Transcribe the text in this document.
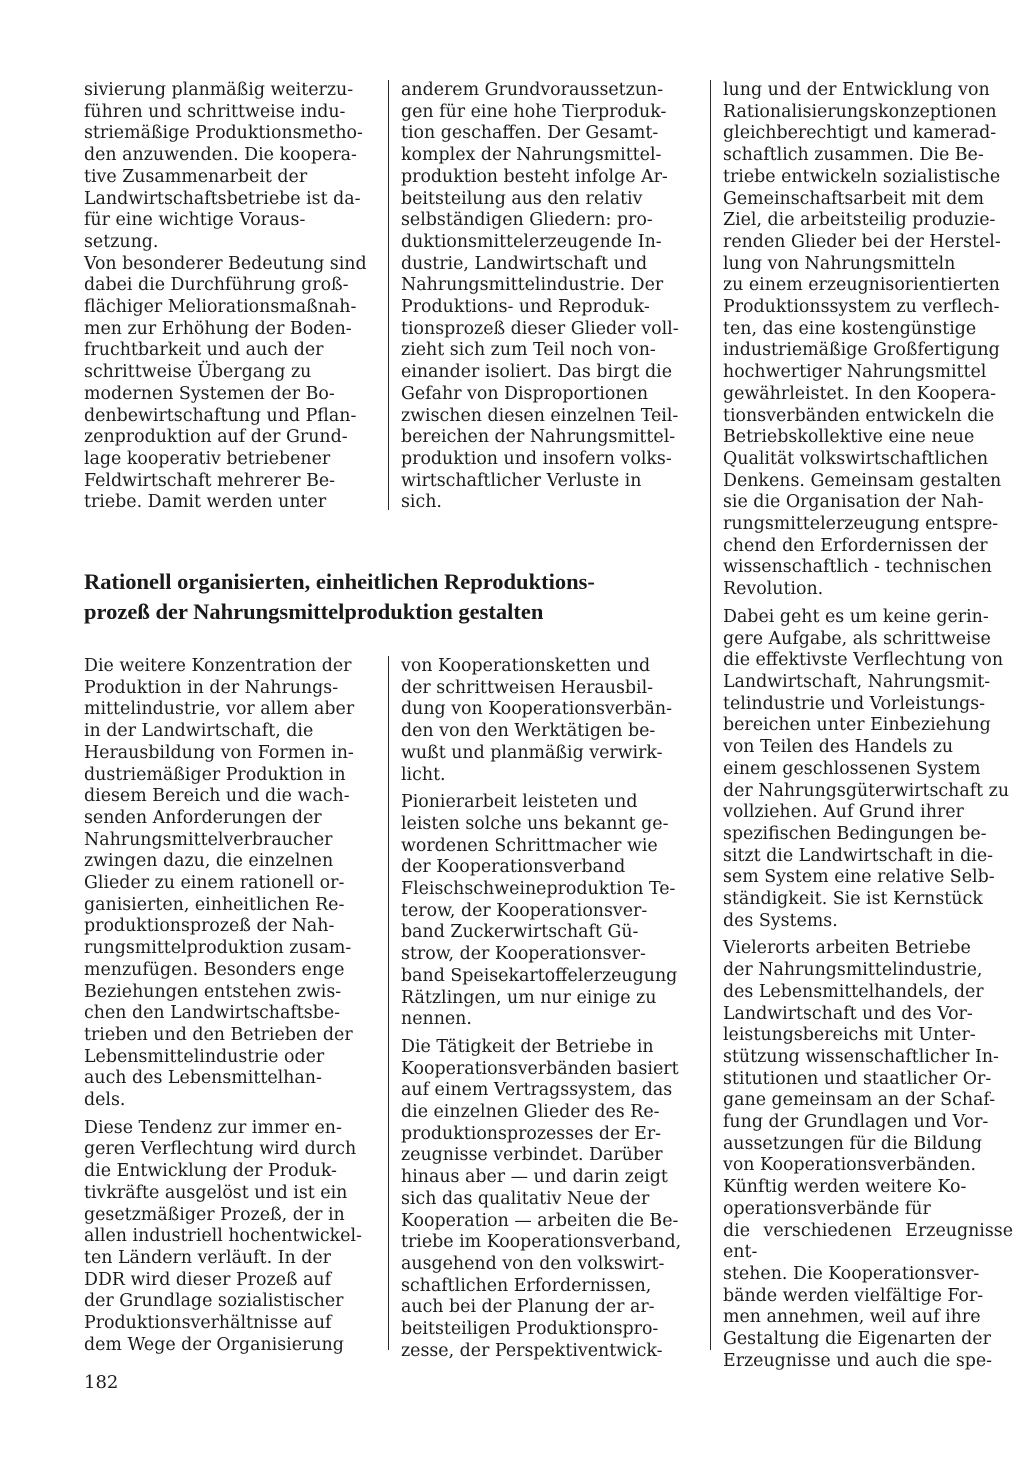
sivierung planmäßig weiterzu-
führen und schrittweise indu-
striemäßige Produktionsmetho-
den anzuwenden. Die koopera-
tive Zusammenarbeit der
Landwirtschaftsbetriebe ist da-
für eine wichtige Voraus-
setzung.
Von besonderer Bedeutung sind
dabei die Durchführung groß-
flächiger Meliorationsmaßnah-
men zur Erhöhung der Boden-
fruchtbarkeit und auch der
schrittweise Übergang zu
modernen Systemen der Bo-
denbewirtschaftung und Pflan-
zenproduktion auf der Grund-
lage kooperativ betriebener
Feldwirtschaft mehrerer Be-
triebe. Damit werden unter

anderem Grundvoraussetzun-
gen für eine hohe Tierproduk-
tion geschaffen. Der Gesamt-
komplex der Nahrungsmittel-
produktion besteht infolge Ar-
beitsteilung aus den relativ
selbständigen Gliedern: pro-
duktionsmittelerzeugende In-
dustrie, Landwirtschaft und
Nahrungsmittelindustrie. Der
Produktions- und Reproduk-
tionsprozeß dieser Glieder voll-
zieht sich zum Teil noch von-
einander isoliert. Das birgt die
Gefahr von Disproportionen
zwischen diesen einzelnen Teil-
bereichen der Nahrungsmittel-
produktion und insofern volks-
wirtschaftlicher Verluste in
sich.

lung und der Entwicklung von
Rationalisierungskonzeptionen
gleichberechtigt und kamerad-
schaftlich zusammen. Die Be-
triebe entwickeln sozialistische
Gemeinschaftsarbeit mit dem
Ziel, die arbeitsteilig produzie-
renden Glieder bei der Herstel-
lung von Nahrungsmitteln
zu einem erzeugnisorientierten
Produktionssystem zu verflech-
ten, das eine kostengünstige
industriemäßige Großfertigung
hochwertiger Nahrungsmittel
gewährleistet. In den Koopera-
tionsverbänden entwickeln die
Betriebskollektive eine neue
Qualität volkswirtschaftlichen
Denkens. Gemeinsam gestalten
sie die Organisation der Nah-
rungsmittelerzeugung entspre-
chend den Erfordernissen der
wissenschaftlich - technischen
Revolution.

Dabei geht es um keine gerin-
gere Aufgabe, als schrittweise
die effektivste Verflechtung von
Landwirtschaft, Nahrungsmit-
telindustrie und Vorleistungs-
bereichen unter Einbeziehung
von Teilen des Handels zu
einem geschlossenen System
der Nahrungsgüterwirtschaft zu
vollziehen. Auf Grund ihrer
spezifischen Bedingungen be-
sitzt die Landwirtschaft in die-
sem System eine relative Selb-
ständigkeit. Sie ist Kernstück
des Systems.

Vielerorts arbeiten Betriebe
der Nahrungsmittelindustrie,
des Lebensmittelhandels, der
Landwirtschaft und des Vor-
leistungsbereichs mit Unter-
stützung wissenschaftlicher In-
stitutionen und staatlicher Or-
gane gemeinsam an der Schaf-
fung der Grundlagen und Vor-
aussetzungen für die Bildung
von Kooperationsverbänden.
Künftig werden weitere Ko-
operationsverbände für
die verschiedenen Erzeugnisse ent-
stehen. Die Kooperationsver-
bände werden vielfältige For-
men annehmen, weil auf ihre
Gestaltung die Eigenarten der
Erzeugnisse und auch die spe-

Rationell organisierten, einheitlichen Reproduktions-
prozeß der Nahrungsmittelproduktion gestalten

Die weitere Konzentration der
Produktion in der Nahrungs-
mittelindustrie, vor allem aber
in der Landwirtschaft, die
Herausbildung von Formen in-
dustriemäßiger Produktion in
diesem Bereich und die wach-
senden Anforderungen der
Nahrungsmittelverbraucher
zwingen dazu, die einzelnen
Glieder zu einem rationell or-
ganisierten, einheitlichen Re-
produktionsprozeß der Nah-
rungsmittelproduktion zusam-
menzufügen. Besonders enge
Beziehungen entstehen zwis-
chen den Landwirtschaftsbe-
trieben und den Betrieben der
Lebensmittelindustrie oder
auch des Lebensmittelhan-
dels.

Diese Tendenz zur immer en-
geren Verflechtung wird durch
die Entwicklung der Produk-
tivkräfte ausgelöst und ist ein
gesetzmäßiger Prozeß, der in
allen industriell hochentwickel-
ten Ländern verläuft. In der
DDR wird dieser Prozeß auf
der Grundlage sozialistischer
Produktionsverhältnisse auf
dem Wege der Organisierung

von Kooperationsketten und
der schrittweisen Herausbil-
dung von Kooperationsverbän-
den von den Werktätigen be-
wußt und planmäßig verwirk-
licht.

Pionierarbeit leisteten und
leisten solche uns bekannt ge-
wordenen Schrittmacher wie
der Kooperationsverband
Fleischschweineproduktion Te-
terow, der Kooperationsver-
band Zuckerwirtschaft Gü-
strow, der Kooperationsver-
band Speisekartoffelerzeugung
Rätzlingen, um nur einige zu
nennen.

Die Tätigkeit der Betriebe in
Kooperationsverbänden basiert
auf einem Vertragssystem, das
die einzelnen Glieder des Re-
produktionsprozesses der Er-
zeugnisse verbindet. Darüber
hinaus aber — und darin zeigt
sich das qualitativ Neue der
Kooperation — arbeiten die Be-
triebe im Kooperationsverband,
ausgehend von den volkswirt-
schaftlichen Erfordernissen,
auch bei der Planung der ar-
beitsteiligen Produktionspro-
zesse, der Perspektiventwick-

182
